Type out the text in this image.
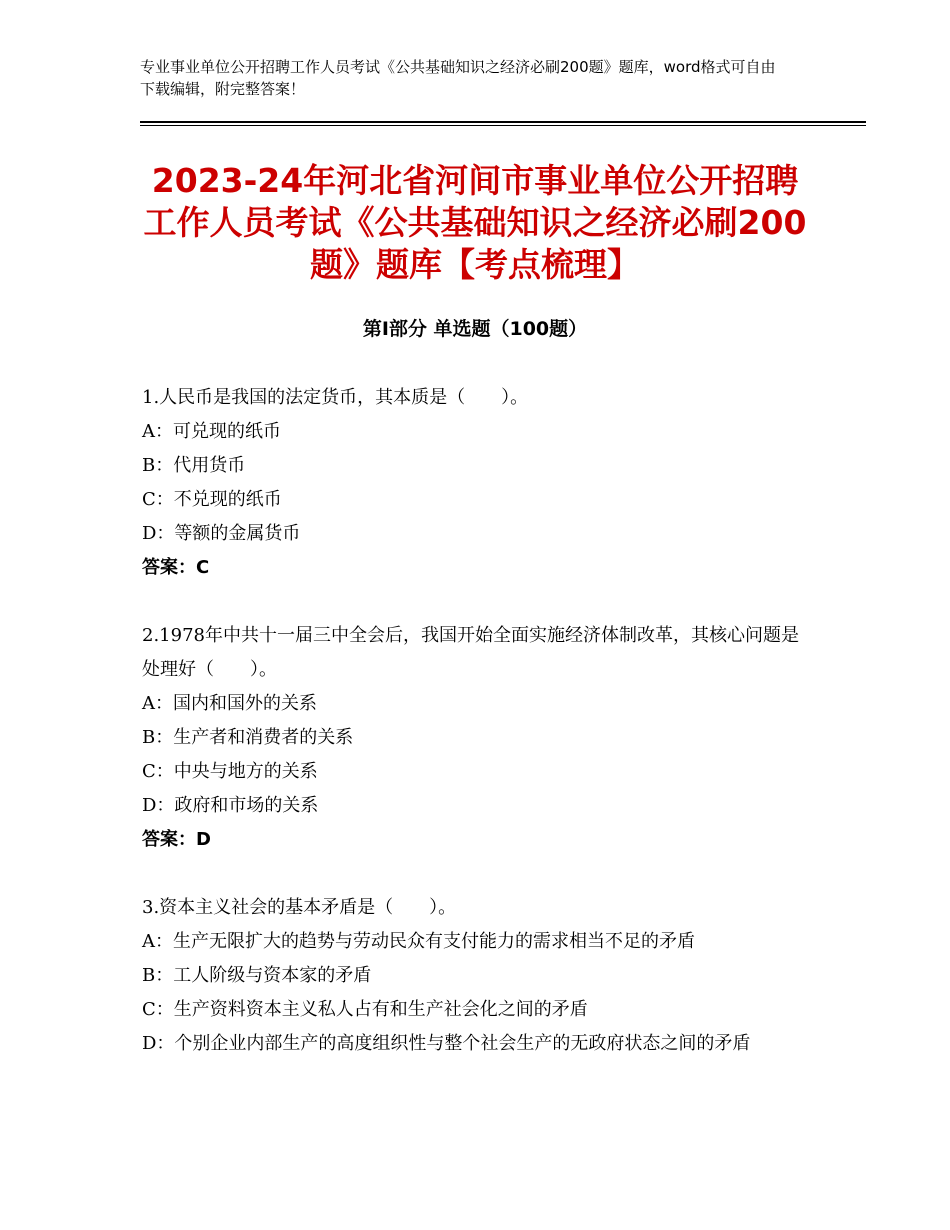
专业事业单位公开招聘工作人员考试《公共基础知识之经济必刷200题》题库，word格式可自由下载编辑，附完整答案！
2023-24年河北省河间市事业单位公开招聘工作人员考试《公共基础知识之经济必刷200题》题库【考点梳理】
第Ⅰ部分 单选题（100题）

1.人民币是我国的法定货币，其本质是（　　）。

A：可兑现的纸币

B：代用货币

C：不兑现的纸币

D：等额的金属货币

答案：C

2.1978年中共十一届三中全会后，我国开始全面实施经济体制改革，其核心问题是处理好（　　）。

A：国内和国外的关系

B：生产者和消费者的关系

C：中央与地方的关系

D：政府和市场的关系

答案：D

3.资本主义社会的基本矛盾是（　　）。

A：生产无限扩大的趋势与劳动民众有支付能力的需求相当不足的矛盾

B：工人阶级与资本家的矛盾

C：生产资料资本主义私人占有和生产社会化之间的矛盾

D：个别企业内部生产的高度组织性与整个社会生产的无政府状态之间的矛盾
